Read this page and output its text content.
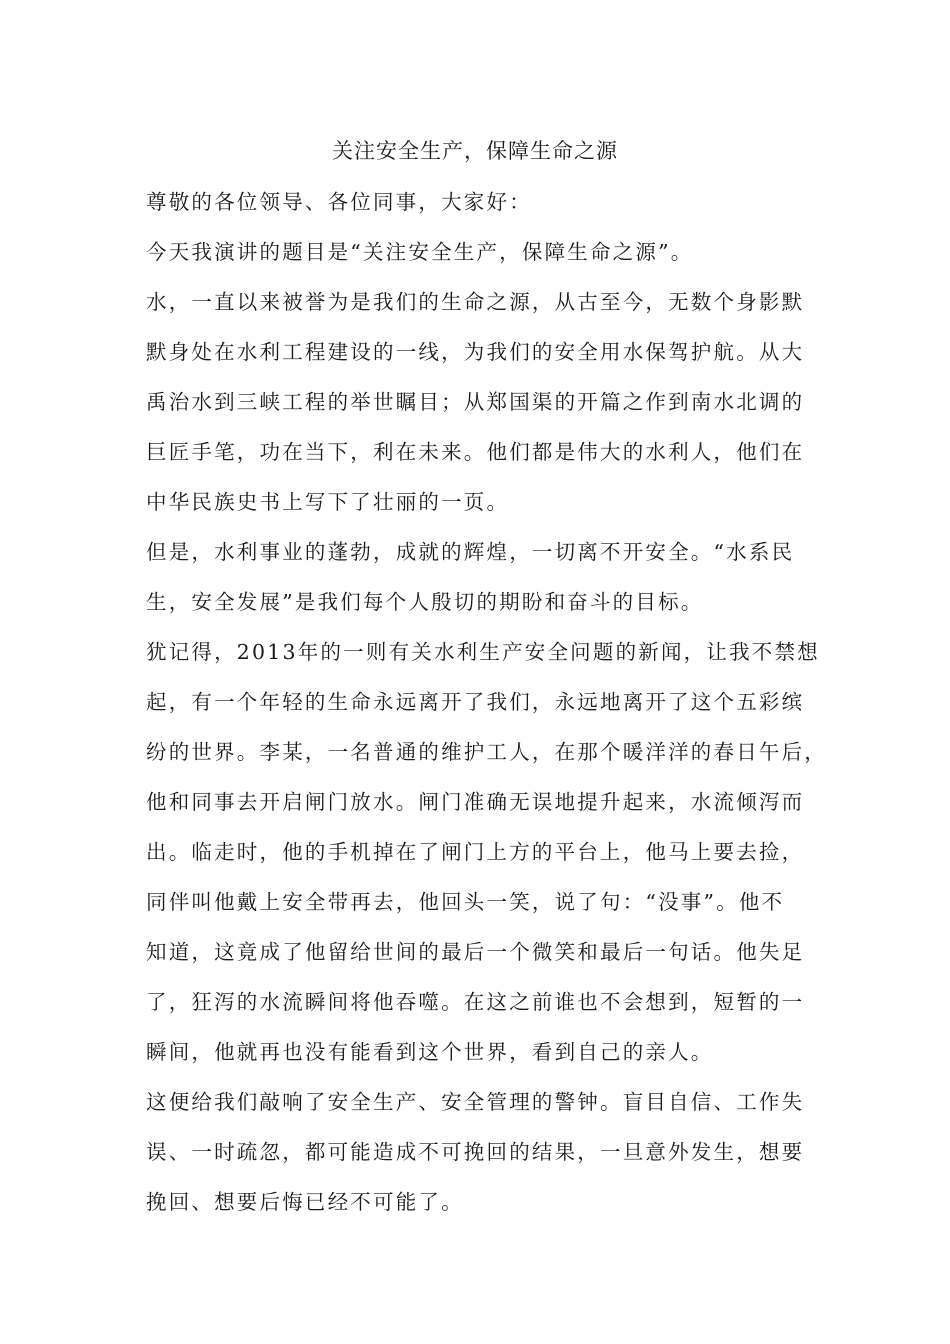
关注安全生产，保障生命之源
尊敬的各位领导、各位同事，大家好：
今天我演讲的题目是“关注安全生产，保障生命之源”。
水，一直以来被誉为是我们的生命之源，从古至今，无数个身影默
默身处在水利工程建设的一线，为我们的安全用水保驾护航。从大
禹治水到三峡工程的举世瞩目；从郑国渠的开篇之作到南水北调的
巨匠手笔，功在当下，利在未来。他们都是伟大的水利人，他们在
中华民族史书上写下了壮丽的一页。
但是，水利事业的蓬勃，成就的辉煌，一切离不开安全。“水系民
生，安全发展”是我们每个人殷切的期盼和奋斗的目标。
犹记得，2013年的一则有关水利生产安全问题的新闻，让我不禁想
起，有一个年轻的生命永远离开了我们，永远地离开了这个五彩缤
纷的世界。李某，一名普通的维护工人，在那个暖洋洋的春日午后，
他和同事去开启闸门放水。闸门准确无误地提升起来，水流倾泻而
出。临走时，他的手机掉在了闸门上方的平台上，他马上要去捡，
同伴叫他戴上安全带再去，他回头一笑，说了句：“没事”。他不
知道，这竟成了他留给世间的最后一个微笑和最后一句话。他失足
了，狂泻的水流瞬间将他吞噬。在这之前谁也不会想到，短暂的一
瞬间，他就再也没有能看到这个世界，看到自己的亲人。
这便给我们敲响了安全生产、安全管理的警钟。盲目自信、工作失
误、一时疏忽，都可能造成不可挽回的结果，一旦意外发生，想要
挽回、想要后悔已经不可能了。
